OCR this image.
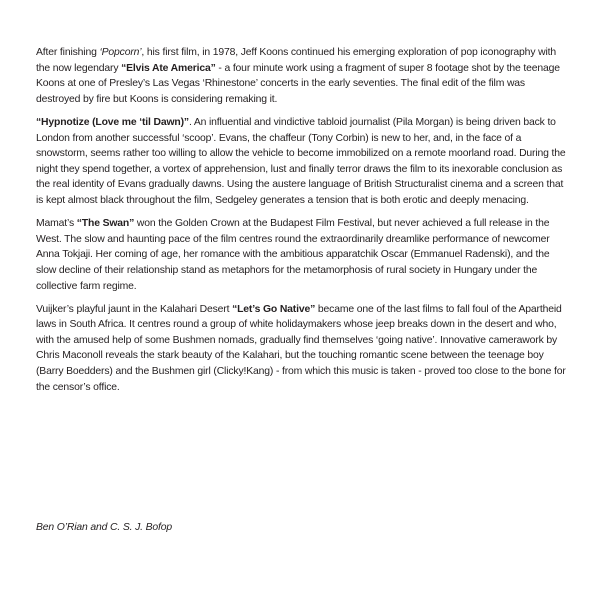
After finishing ‘Popcorn’, his first film, in 1978, Jeff Koons continued his emerging exploration of pop iconography with the now legendary “Elvis Ate America” - a four minute work using a fragment of super 8 footage shot by the teenage Koons at one of Presley’s Las Vegas ‘Rhinestone’ concerts in the early seventies. The final edit of the film was destroyed by fire but Koons is considering remaking it.

“Hypnotize (Love me ‘til Dawn)”. An influential and vindictive tabloid journalist (Pila Morgan) is being driven back to London from another successful ‘scoop’. Evans, the chaffeur (Tony Corbin) is new to her, and, in the face of a snowstorm, seems rather too willing to allow the vehicle to become immobilized on a remote moorland road. During the night they spend together, a vortex of apprehension, lust and finally terror draws the film to its inexorable conclusion as the real identity of Evans gradually dawns. Using the austere language of British Structuralist cinema and a screen that is kept almost black throughout the film, Sedgeley generates a tension that is both erotic and deeply menacing.

Mamat’s “The Swan” won the Golden Crown at the Budapest Film Festival, but never achieved a full release in the West. The slow and haunting pace of the film centres round the extraordinarily dreamlike performance of newcomer Anna Tokjaji. Her coming of age, her romance with the ambitious apparatchik Oscar (Emmanuel Radenski), and the slow decline of their relationship stand as metaphors for the metamorphosis of rural society in Hungary under the collective farm regime.

Vuijker’s playful jaunt in the Kalahari Desert “Let’s Go Native” became one of the last films to fall foul of the Apartheid laws in South Africa. It centres round a group of white holidaymakers whose jeep breaks down in the desert and who, with the amused help of some Bushmen nomads, gradually find themselves ‘going native’. Innovative camerawork by Chris Maconoll reveals the stark beauty of the Kalahari, but the touching romantic scene between the teenage boy (Barry Boedders) and the Bushmen girl (Clicky!Kang) - from which this music is taken - proved too close to the bone for the censor’s office.

Ben O’Rian and C. S. J. Bofop
